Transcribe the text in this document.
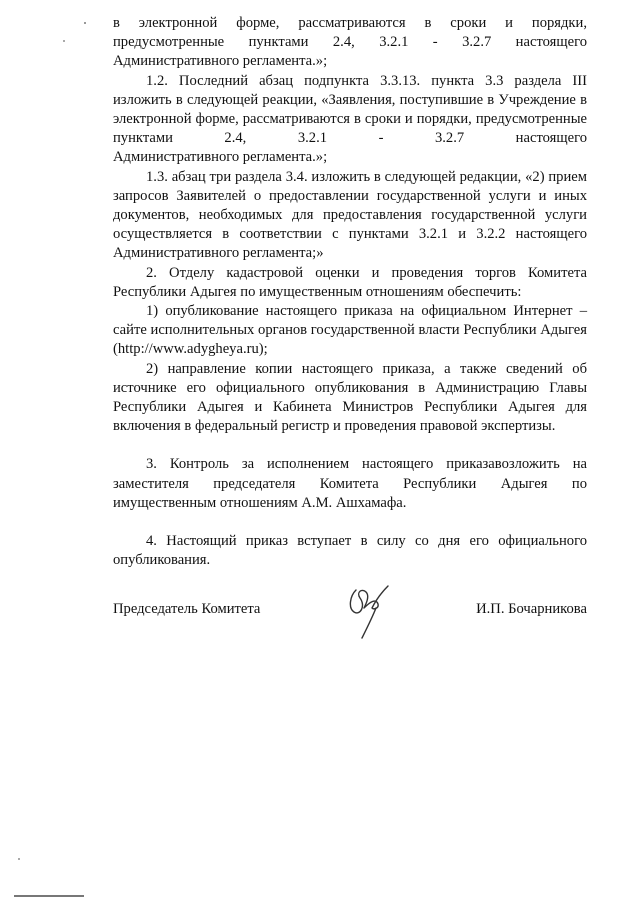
в электронной форме, рассматриваются в сроки и порядки, предусмотренные пунктами 2.4, 3.2.1 - 3.2.7 настоящего

Административного регламента.»;

1.2. Последний абзац подпункта 3.3.13. пункта 3.3 раздела III изложить в следующей реакции, «Заявления, поступившие в Учреждение в электронной форме, рассматриваются в сроки и порядки, предусмотренные пунктами 2.4, 3.2.1 - 3.2.7 настоящего

Административного регламента.»;

1.3. абзац три раздела 3.4. изложить в следующей редакции, «2) прием запросов Заявителей о предоставлении государственной услуги и иных документов, необходимых для предоставления государственной услуги осуществляется в соответствии с пунктами 3.2.1 и 3.2.2 настоящего

Административного регламента;»

2. Отделу кадастровой оценки и проведения торгов Комитета Республики Адыгея по имущественным отношениям обеспечить:

1) опубликование настоящего приказа на официальном Интернет – сайте исполнительных органов государственной власти Республики Адыгея (http://www.adygheya.ru);

2) направление копии настоящего приказа, а также сведений об источнике его официального опубликования в Администрацию Главы Республики Адыгея и Кабинета Министров Республики Адыгея для включения в федеральный регистр и проведения правовой экспертизы.

3. Контроль за исполнением настоящего приказавозложить на заместителя председателя Комитета Республики Адыгея по имущественным отношениям А.М. Ашхамафа.

4. Настоящий приказ вступает в силу со дня его официального опубликования.

Председатель Комитета	И.П. Бочарникова
